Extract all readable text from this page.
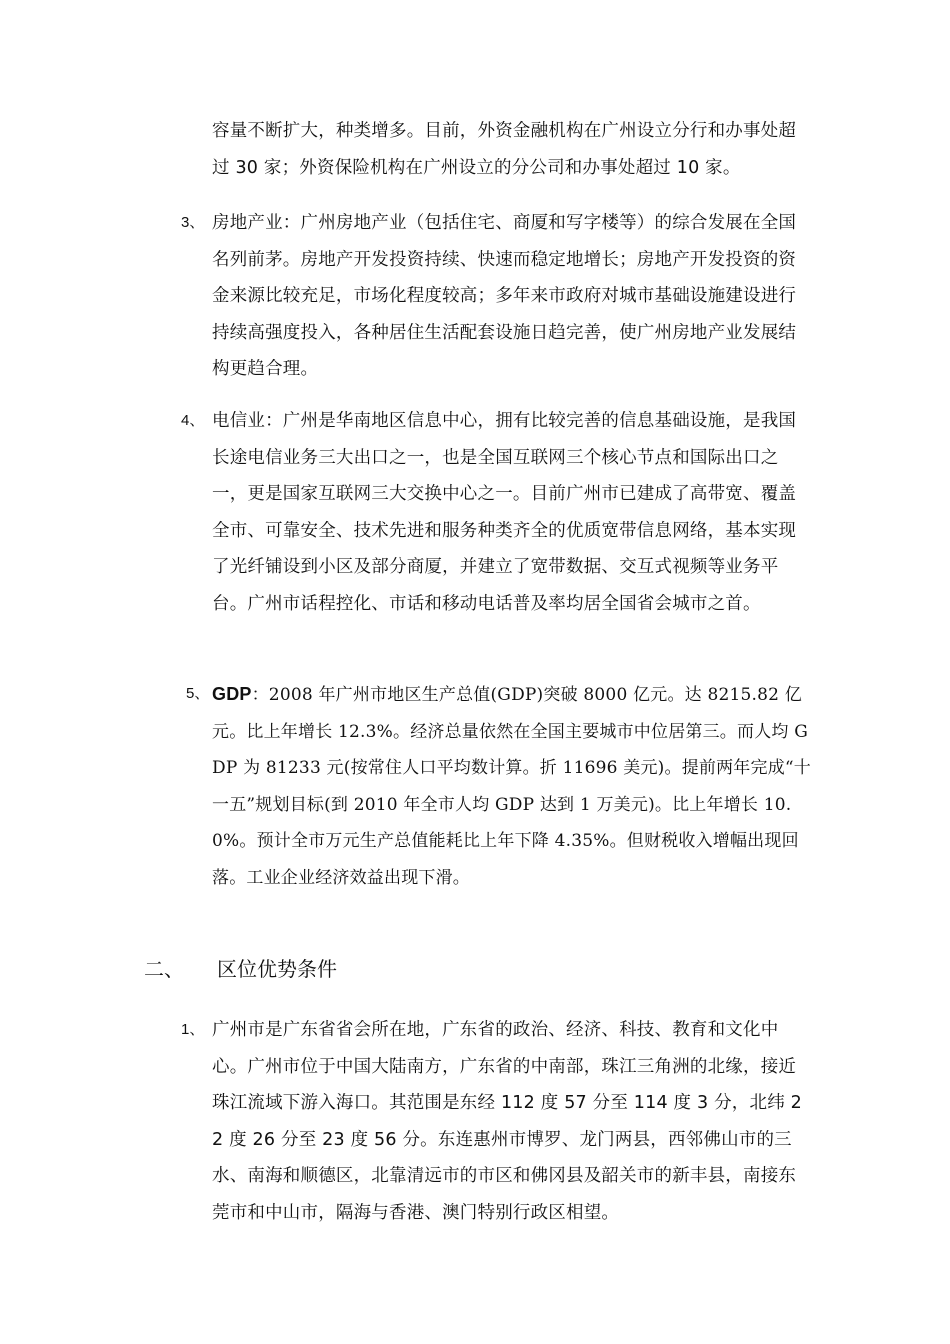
容量不断扩大，种类增多。目前，外资金融机构在广州设立分行和办事处超过 30 家；外资保险机构在广州设立的分公司和办事处超过 10 家。
3、 房地产业：广州房地产业（包括住宅、商厦和写字楼等）的综合发展在全国名列前茅。房地产开发投资持续、快速而稳定地增长；房地产开发投资的资金来源比较充足，市场化程度较高；多年来市政府对城市基础设施建设进行持续高强度投入，各种居住生活配套设施日趋完善，使广州房地产业发展结构更趋合理。
4、 电信业：广州是华南地区信息中心，拥有比较完善的信息基础设施，是我国长途电信业务三大出口之一，也是全国互联网三个核心节点和国际出口之一，更是国家互联网三大交换中心之一。目前广州市已建成了高带宽、覆盖全市、可靠安全、技术先进和服务种类齐全的优质宽带信息网络，基本实现了光纤铺设到小区及部分商厦，并建立了宽带数据、交互式视频等业务平台。广州市话程控化、市话和移动电话普及率均居全国省会城市之首。
5、 GDP：2008 年广州市地区生产总值(GDP)突破 8000 亿元。达 8215.82 亿元。比上年增长 12.3%。经济总量依然在全国主要城市中位居第三。而人均 GDP 为 81233 元(按常住人口平均数计算。折 11696 美元)。提前两年完成“十一五”规划目标(到 2010 年全市人均 GDP 达到 1 万美元)。比上年增长 10.0%。预计全市万元生产总值能耗比上年下降 4.35%。但财税收入增幅出现回落。工业企业经济效益出现下滑。
二、 区位优势条件
1、 广州市是广东省省会所在地，广东省的政治、经济、科技、教育和文化中心。广州市位于中国大陆南方，广东省的中南部，珠江三角洲的北缘，接近珠江流域下游入海口。其范围是东经 112 度 57 分至 114 度 3 分，北纬 22 度 26 分至 23 度 56 分。东连惠州市博罗、龙门两县，西邻佛山市的三水、南海和顺德区，北靠清远市的市区和佛冈县及韶关市的新丰县，南接东莞市和中山市，隔海与香港、澳门特别行政区相望。
